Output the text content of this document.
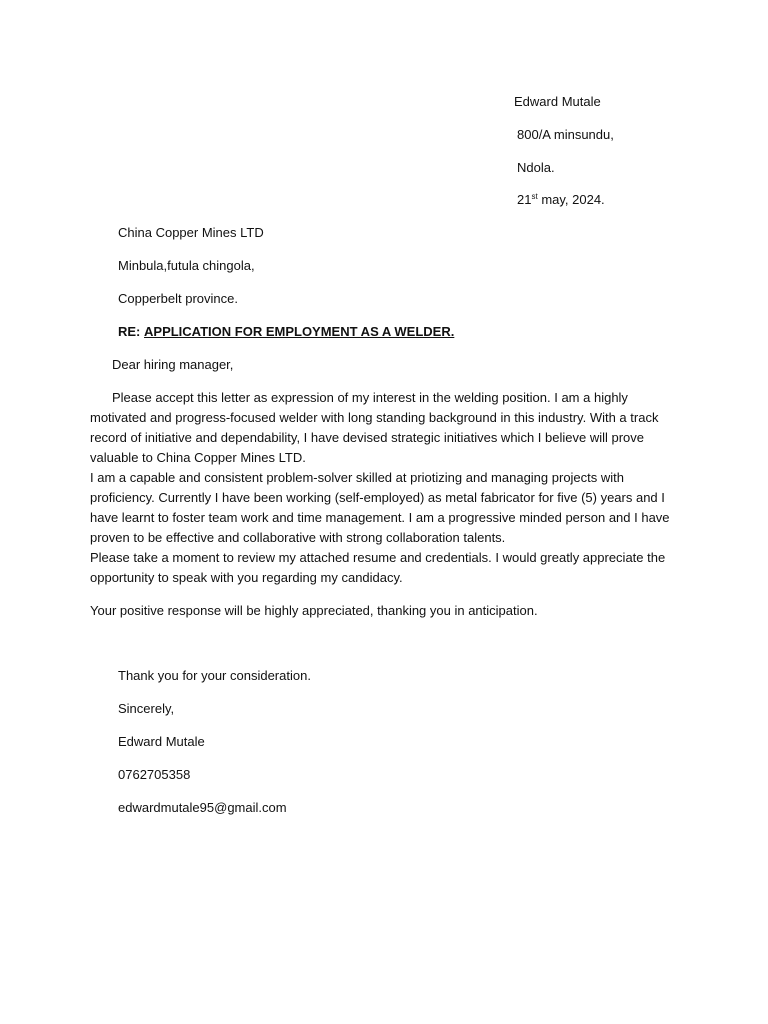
Edward Mutale
800/A minsundu,
Ndola.
21st may, 2024.
China Copper Mines LTD
Minbula,futula chingola,
Copperbelt province.
RE: APPLICATION FOR EMPLOYMENT AS A WELDER.
Dear hiring manager,

Please accept this letter as expression of my interest in the welding position. I am a highly motivated and progress-focused welder with long standing background in this industry. With a track record of initiative and dependability, I have devised strategic initiatives which I believe will prove valuable to China Copper Mines LTD.

I am a capable and consistent problem-solver skilled at priotizing and managing projects with proficiency. Currently I have been working (self-employed) as metal fabricator for five (5) years and I have learnt to foster team work and time management. I am a progressive minded person and I have proven to be effective and collaborative with strong collaboration talents.

Please take a moment to review my attached resume and credentials. I would greatly appreciate the opportunity to speak with you regarding my candidacy.

Your positive response will be highly appreciated, thanking you in anticipation.
Thank you for your consideration.
Sincerely,
Edward Mutale
0762705358
edwardmutale95@gmail.com
